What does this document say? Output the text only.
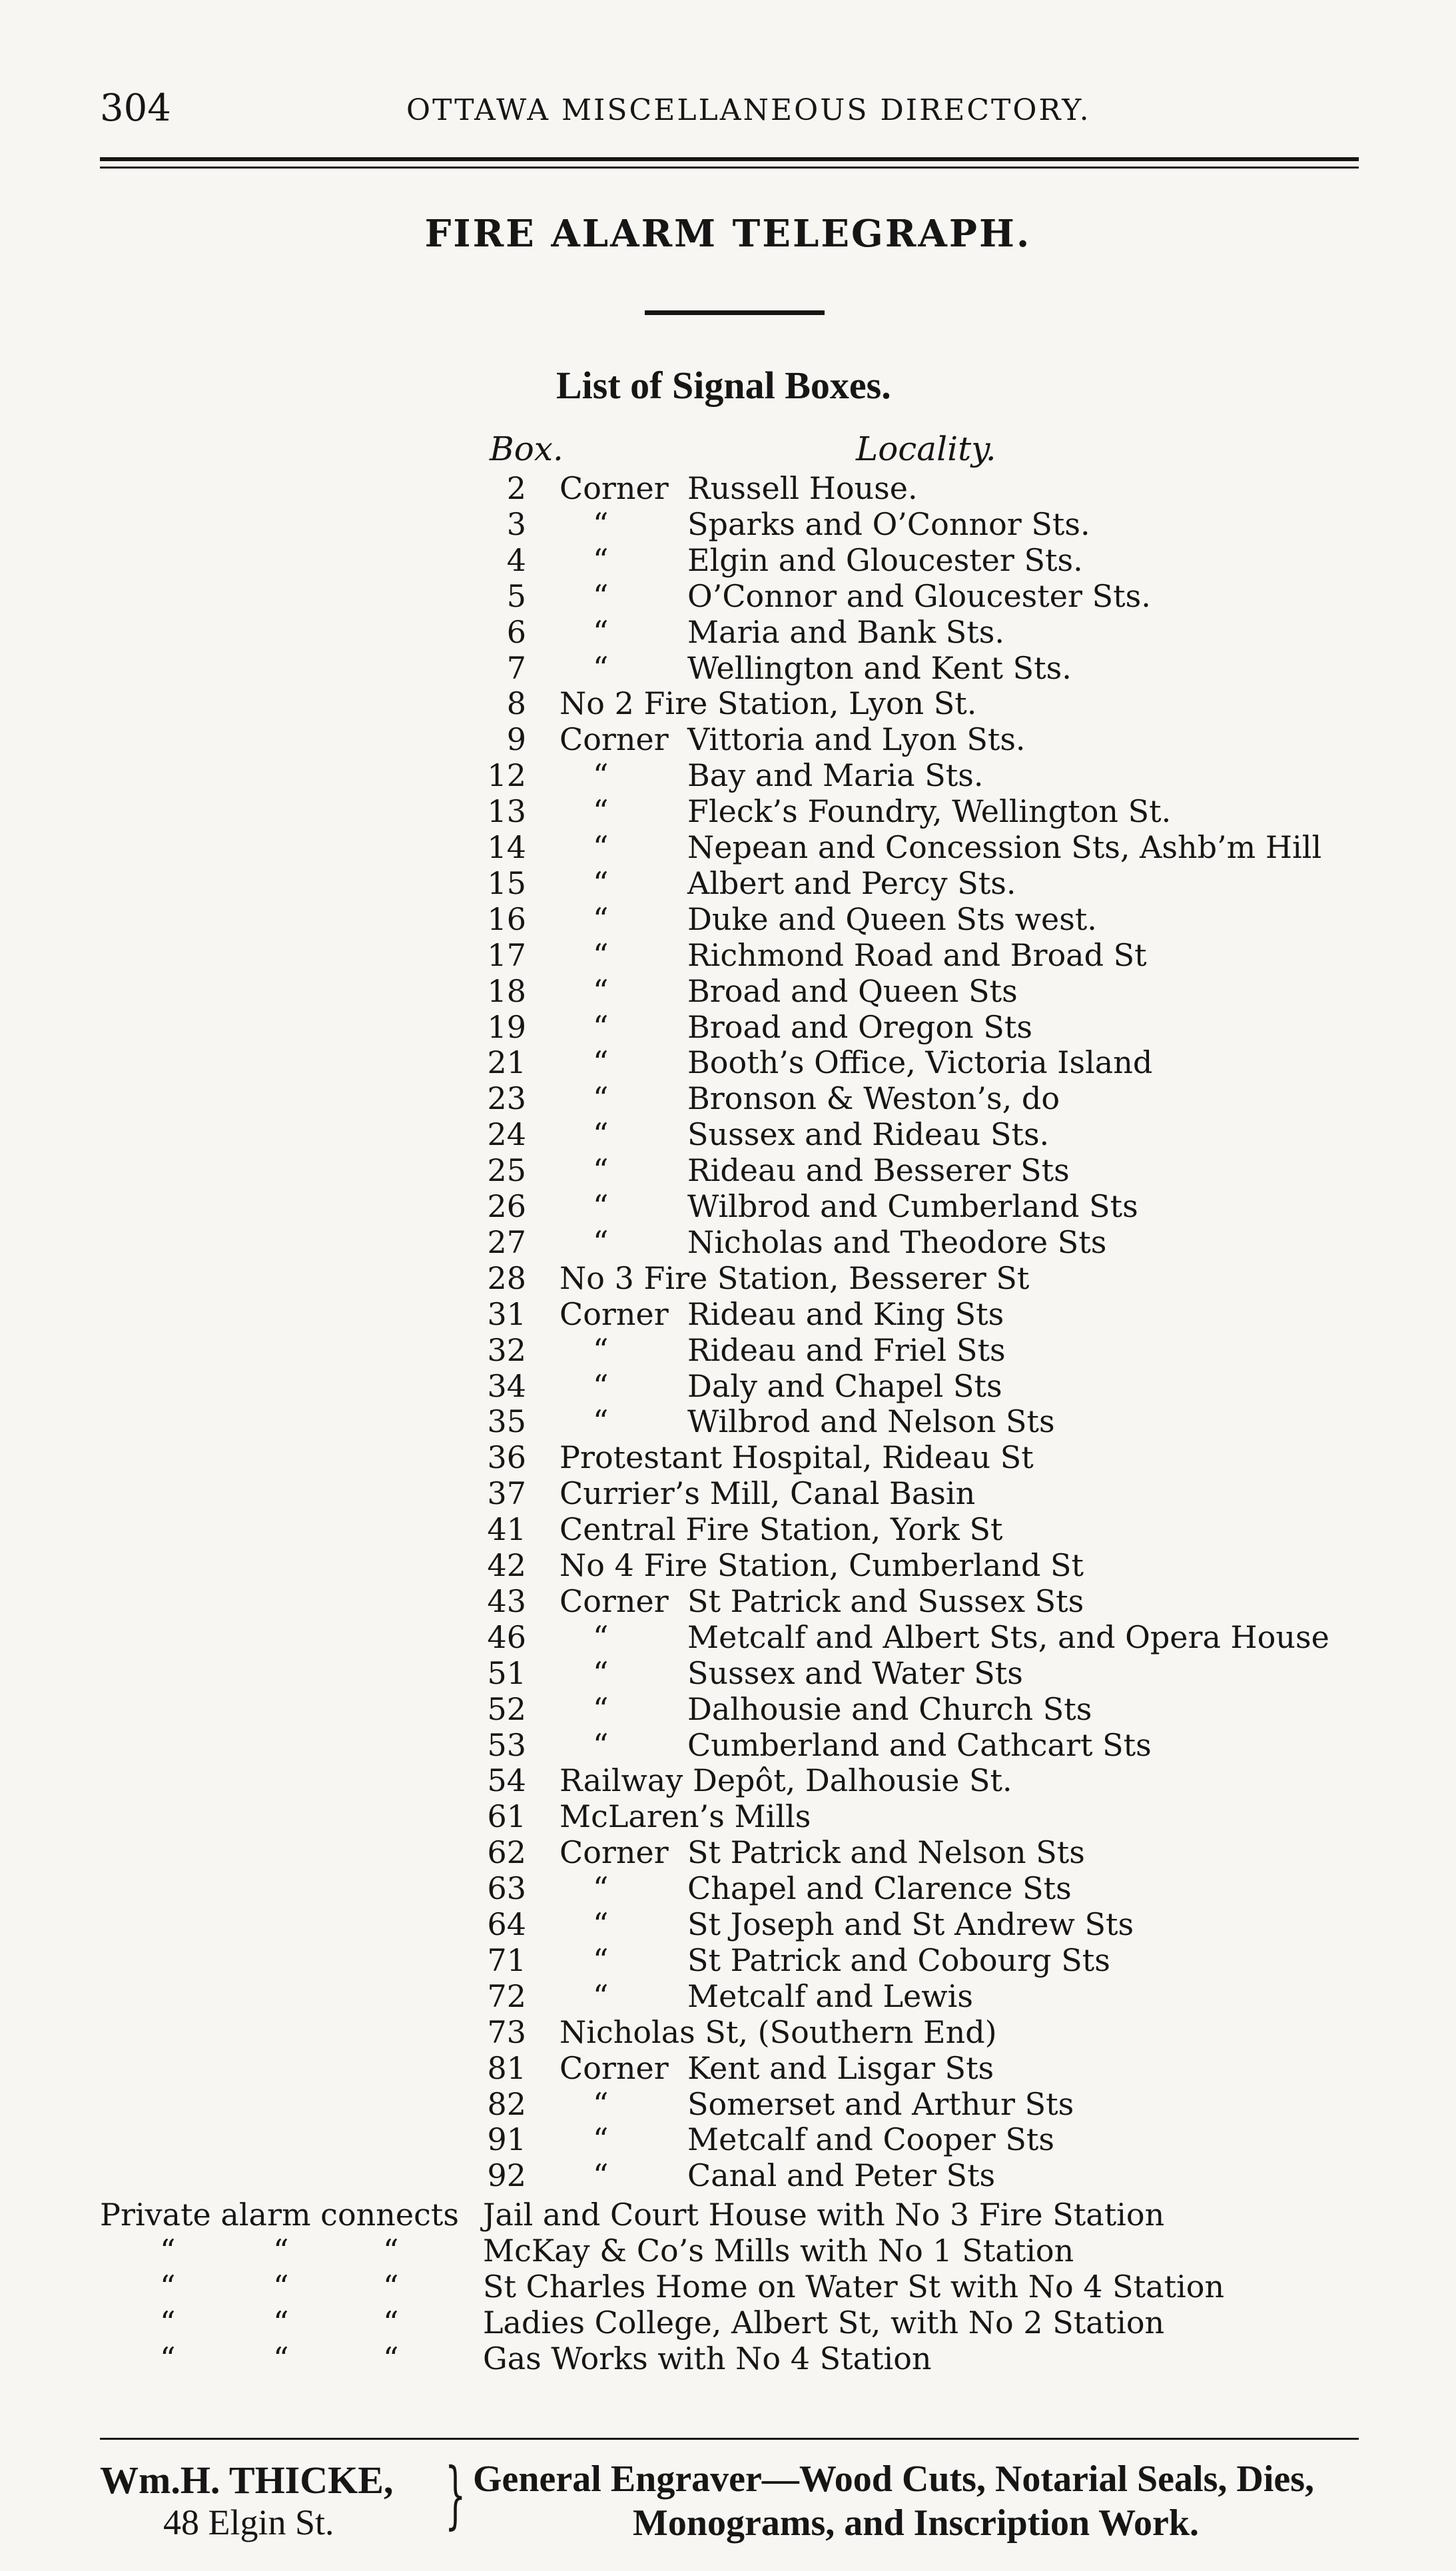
304	OTTAWA MISCELLANEOUS DIRECTORY.
FIRE ALARM TELEGRAPH.
List of Signal Boxes.
Box.	Locality.
2 Corner Russell House.
3 “	Sparks and O’Connor Sts.
4 “	Elgin and Gloucester Sts.
5 “	O’Connor and Gloucester Sts.
6 “	Maria and Bank Sts.
7 “	Wellington and Kent Sts.
8 No 2 Fire Station, Lyon St.
9 Corner Vittoria and Lyon Sts.
12 “	Bay and Maria Sts.
13 “	Fleck’s Foundry, Wellington St.
14 “	Nepean and Concession Sts, Ashb’m Hill
15 “	Albert and Percy Sts.
16 “	Duke and Queen Sts west.
17 “	Richmond Road and Broad St
18 “	Broad and Queen Sts
19 “	Broad and Oregon Sts
21 “	Booth’s Office, Victoria Island
23 “	Bronson & Weston’s, do
24 “	Sussex and Rideau Sts.
25 “	Rideau and Besserer Sts
26 “	Wilbrod and Cumberland Sts
27 “	Nicholas and Theodore Sts
28 No 3 Fire Station, Besserer St
31 Corner Rideau and King Sts
32 “	Rideau and Friel Sts
34 “	Daly and Chapel Sts
35 “	Wilbrod and Nelson Sts
36 Protestant Hospital, Rideau St
37 Currier’s Mill, Canal Basin
41 Central Fire Station, York St
42 No 4 Fire Station, Cumberland St
43 Corner St Patrick and Sussex Sts
46 “	Metcalf and Albert Sts, and Opera House
51 “	Sussex and Water Sts
52 “	Dalhousie and Church Sts
53 “	Cumberland and Cathcart Sts
54 Railway Depôt, Dalhousie St.
61 McLaren’s Mills
62 Corner St Patrick and Nelson Sts
63 “	Chapel and Clarence Sts
64 “	St Joseph and St Andrew Sts
71 “	St Patrick and Cobourg Sts
72 “	Metcalf and Lewis
73 Nicholas St, (Southern End)
81 Corner Kent and Lisgar Sts
82 “	Somerset and Arthur Sts
91 “	Metcalf and Cooper Sts
92 “	Canal and Peter Sts
Private alarm connects Jail and Court House with No 3 Fire Station
“	“	“	McKay & Co’s Mills with No 1 Station
“	“	“	St Charles Home on Water St with No 4 Station
“	“	“	Ladies College, Albert St, with No 2 Station
“	“	“	Gas Works with No 4 Station
Wm.H. THICKE,
48 Elgin St. } General Engraver—Wood Cuts, Notarial Seals, Dies,
Monograms, and Inscription Work.
